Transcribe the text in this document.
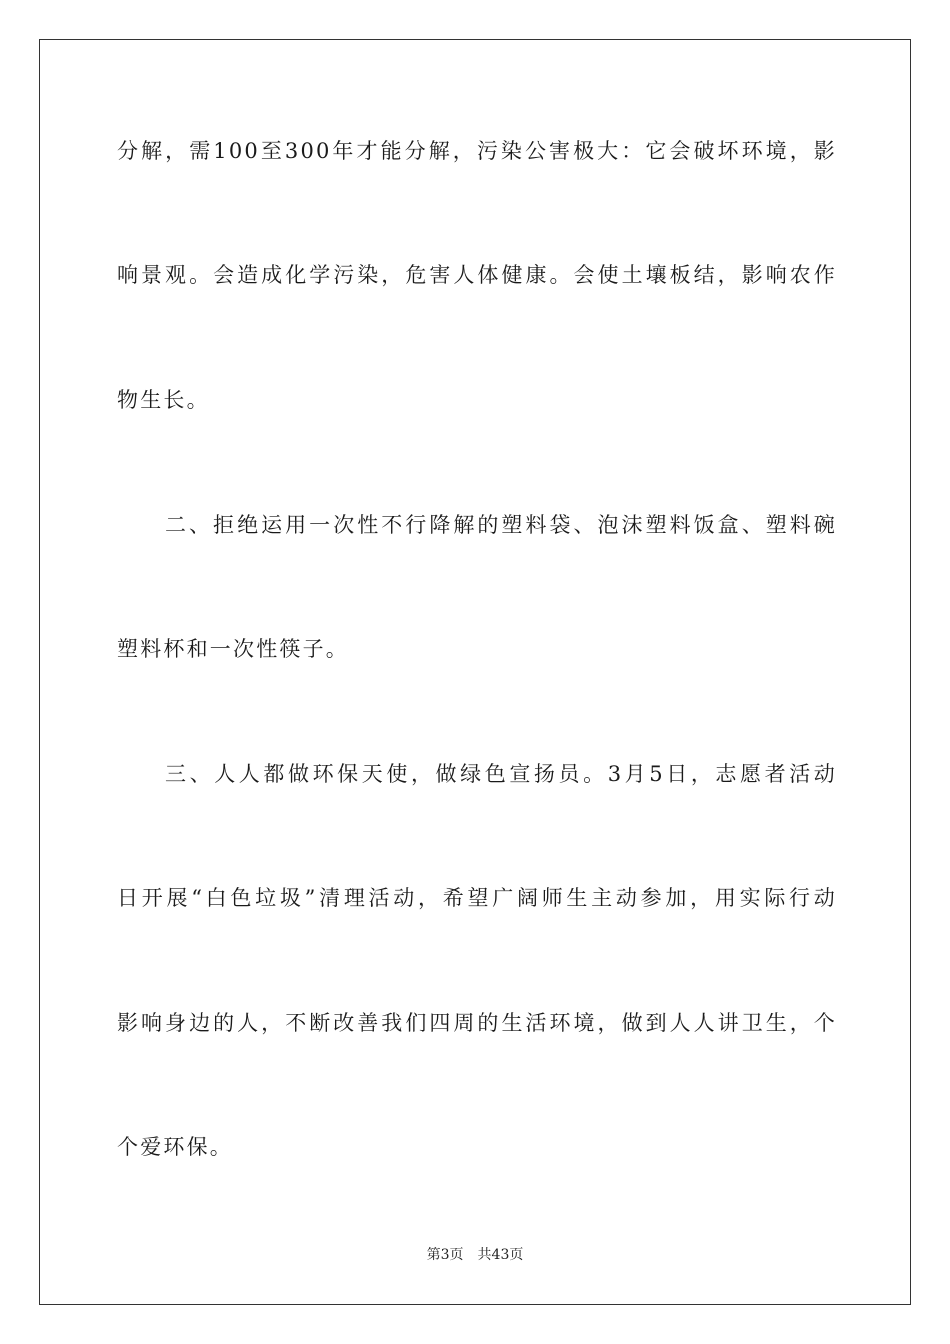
分解，需100至300年才能分解，污染公害极大：它会破坏环境，影
响景观。会造成化学污染，危害人体健康。会使土壤板结，影响农作
物生长。
二、拒绝运用一次性不行降解的塑料袋、泡沫塑料饭盒、塑料碗
塑料杯和一次性筷子。
三、人人都做环保天使，做绿色宣扬员。3月5日，志愿者活动
日开展“白色垃圾”清理活动，希望广阔师生主动参加，用实际行动
影响身边的人，不断改善我们四周的生活环境，做到人人讲卫生，个
个爱环保。
第3页 共43页
